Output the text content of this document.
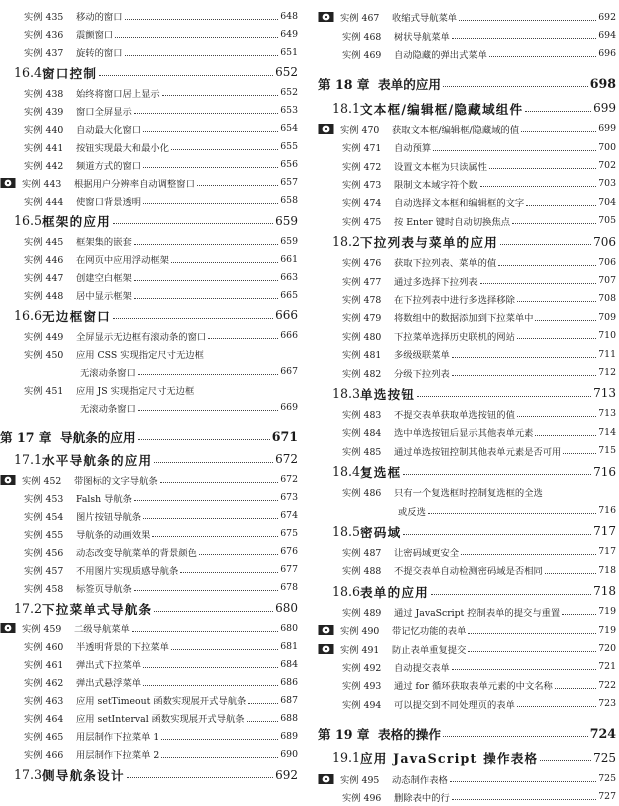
实例 435	移动的窗口	648
实例 436	震颤窗口	649
实例 437	旋转的窗口	651
16.4 窗口控制	652
实例 438	始终将窗口居上显示	652
实例 439	窗口全屏显示	653
实例 440	自动最大化窗口	654
实例 441	按钮实现最大和最小化	655
实例 442	频道方式的窗口	656
实例 443	根据用户分辨率自动调整窗口	657
实例 444	使窗口背景透明	658
16.5 框架的应用	659
实例 445	框架集的嵌套	659
实例 446	在网页中应用浮动框架	661
实例 447	创建空白框架	663
实例 448	居中显示框架	665
16.6 无边框窗口	666
实例 449	全屏显示无边框有滚动条的窗口	666
实例 450	应用 CSS 实现指定尺寸无边框
无滚动条窗口	667
实例 451	应用 JS 实现指定尺寸无边框
无滚动条窗口	669
第 17 章 导航条的应用	671
17.1 水平导航条的应用	672
实例 452	带图标的文字导航条	672
实例 453	Falsh 导航条	673
实例 454	图片按钮导航条	674
实例 455	导航条的动画效果	675
实例 456	动态改变导航菜单的背景颜色	676
实例 457	不用图片实现质感导航条	677
实例 458	标签页导航条	678
17.2 下拉菜单式导航条	680
实例 459	二级导航菜单	680
实例 460	半透明背景的下拉菜单	681
实例 461	弹出式下拉菜单	684
实例 462	弹出式悬浮菜单	686
实例 463	应用 setTimeout 函数实现展开式导航条	687
实例 464	应用 setInterval 函数实现展开式导航条	688
实例 465	用层制作下拉菜单 1	689
实例 466	用层制作下拉菜单 2	690
17.3 侧导航条设计	692
实例 467	收缩式导航菜单	692
实例 468	树状导航菜单	694
实例 469	自动隐藏的弹出式菜单	696
第 18 章 表单的应用	698
18.1 文本框/编辑框/隐藏域组件	699
实例 470	获取文本框/编辑框/隐藏域的值	699
实例 471	自动预算	700
实例 472	设置文本框为只读属性	702
实例 473	限制文本域字符个数	703
实例 474	自动选择文本框和编辑框的文字	704
实例 475	按 Enter 键时自动切换焦点	705
18.2 下拉列表与菜单的应用	706
实例 476	获取下拉列表、菜单的值	706
实例 477	通过多选择下拉列表	707
实例 478	在下拉列表中进行多选择移除	708
实例 479	将数组中的数据添加到下拉菜单中	709
实例 480	下拉菜单选择历史联机的网站	710
实例 481	多级级联菜单	711
实例 482	分级下拉列表	712
18.3 单选按钮	713
实例 483	不提交表单获取单选按钮的值	713
实例 484	选中单选按钮后显示其他表单元素	714
实例 485	通过单选按钮控制其他表单元素是否可用	715
18.4 复选框	716
实例 486	只有一个复选框时控制复选框的全选
或反选	716
18.5 密码域	717
实例 487	让密码域更安全	717
实例 488	不提交表单自动检测密码域是否相同	718
18.6 表单的应用	718
实例 489	通过 JavaScript 控制表单的提交与重置	719
实例 490	带记忆功能的表单	719
实例 491	防止表单重复提交	720
实例 492	自动提交表单	721
实例 493	通过 for 循环获取表单元素的中文名称	722
实例 494	可以提交到不同处理页的表单	723
第 19 章 表格的操作	724
19.1 应用 JavaScript 操作表格	725
实例 495	动态制作表格	725
实例 496	删除表中的行	727
